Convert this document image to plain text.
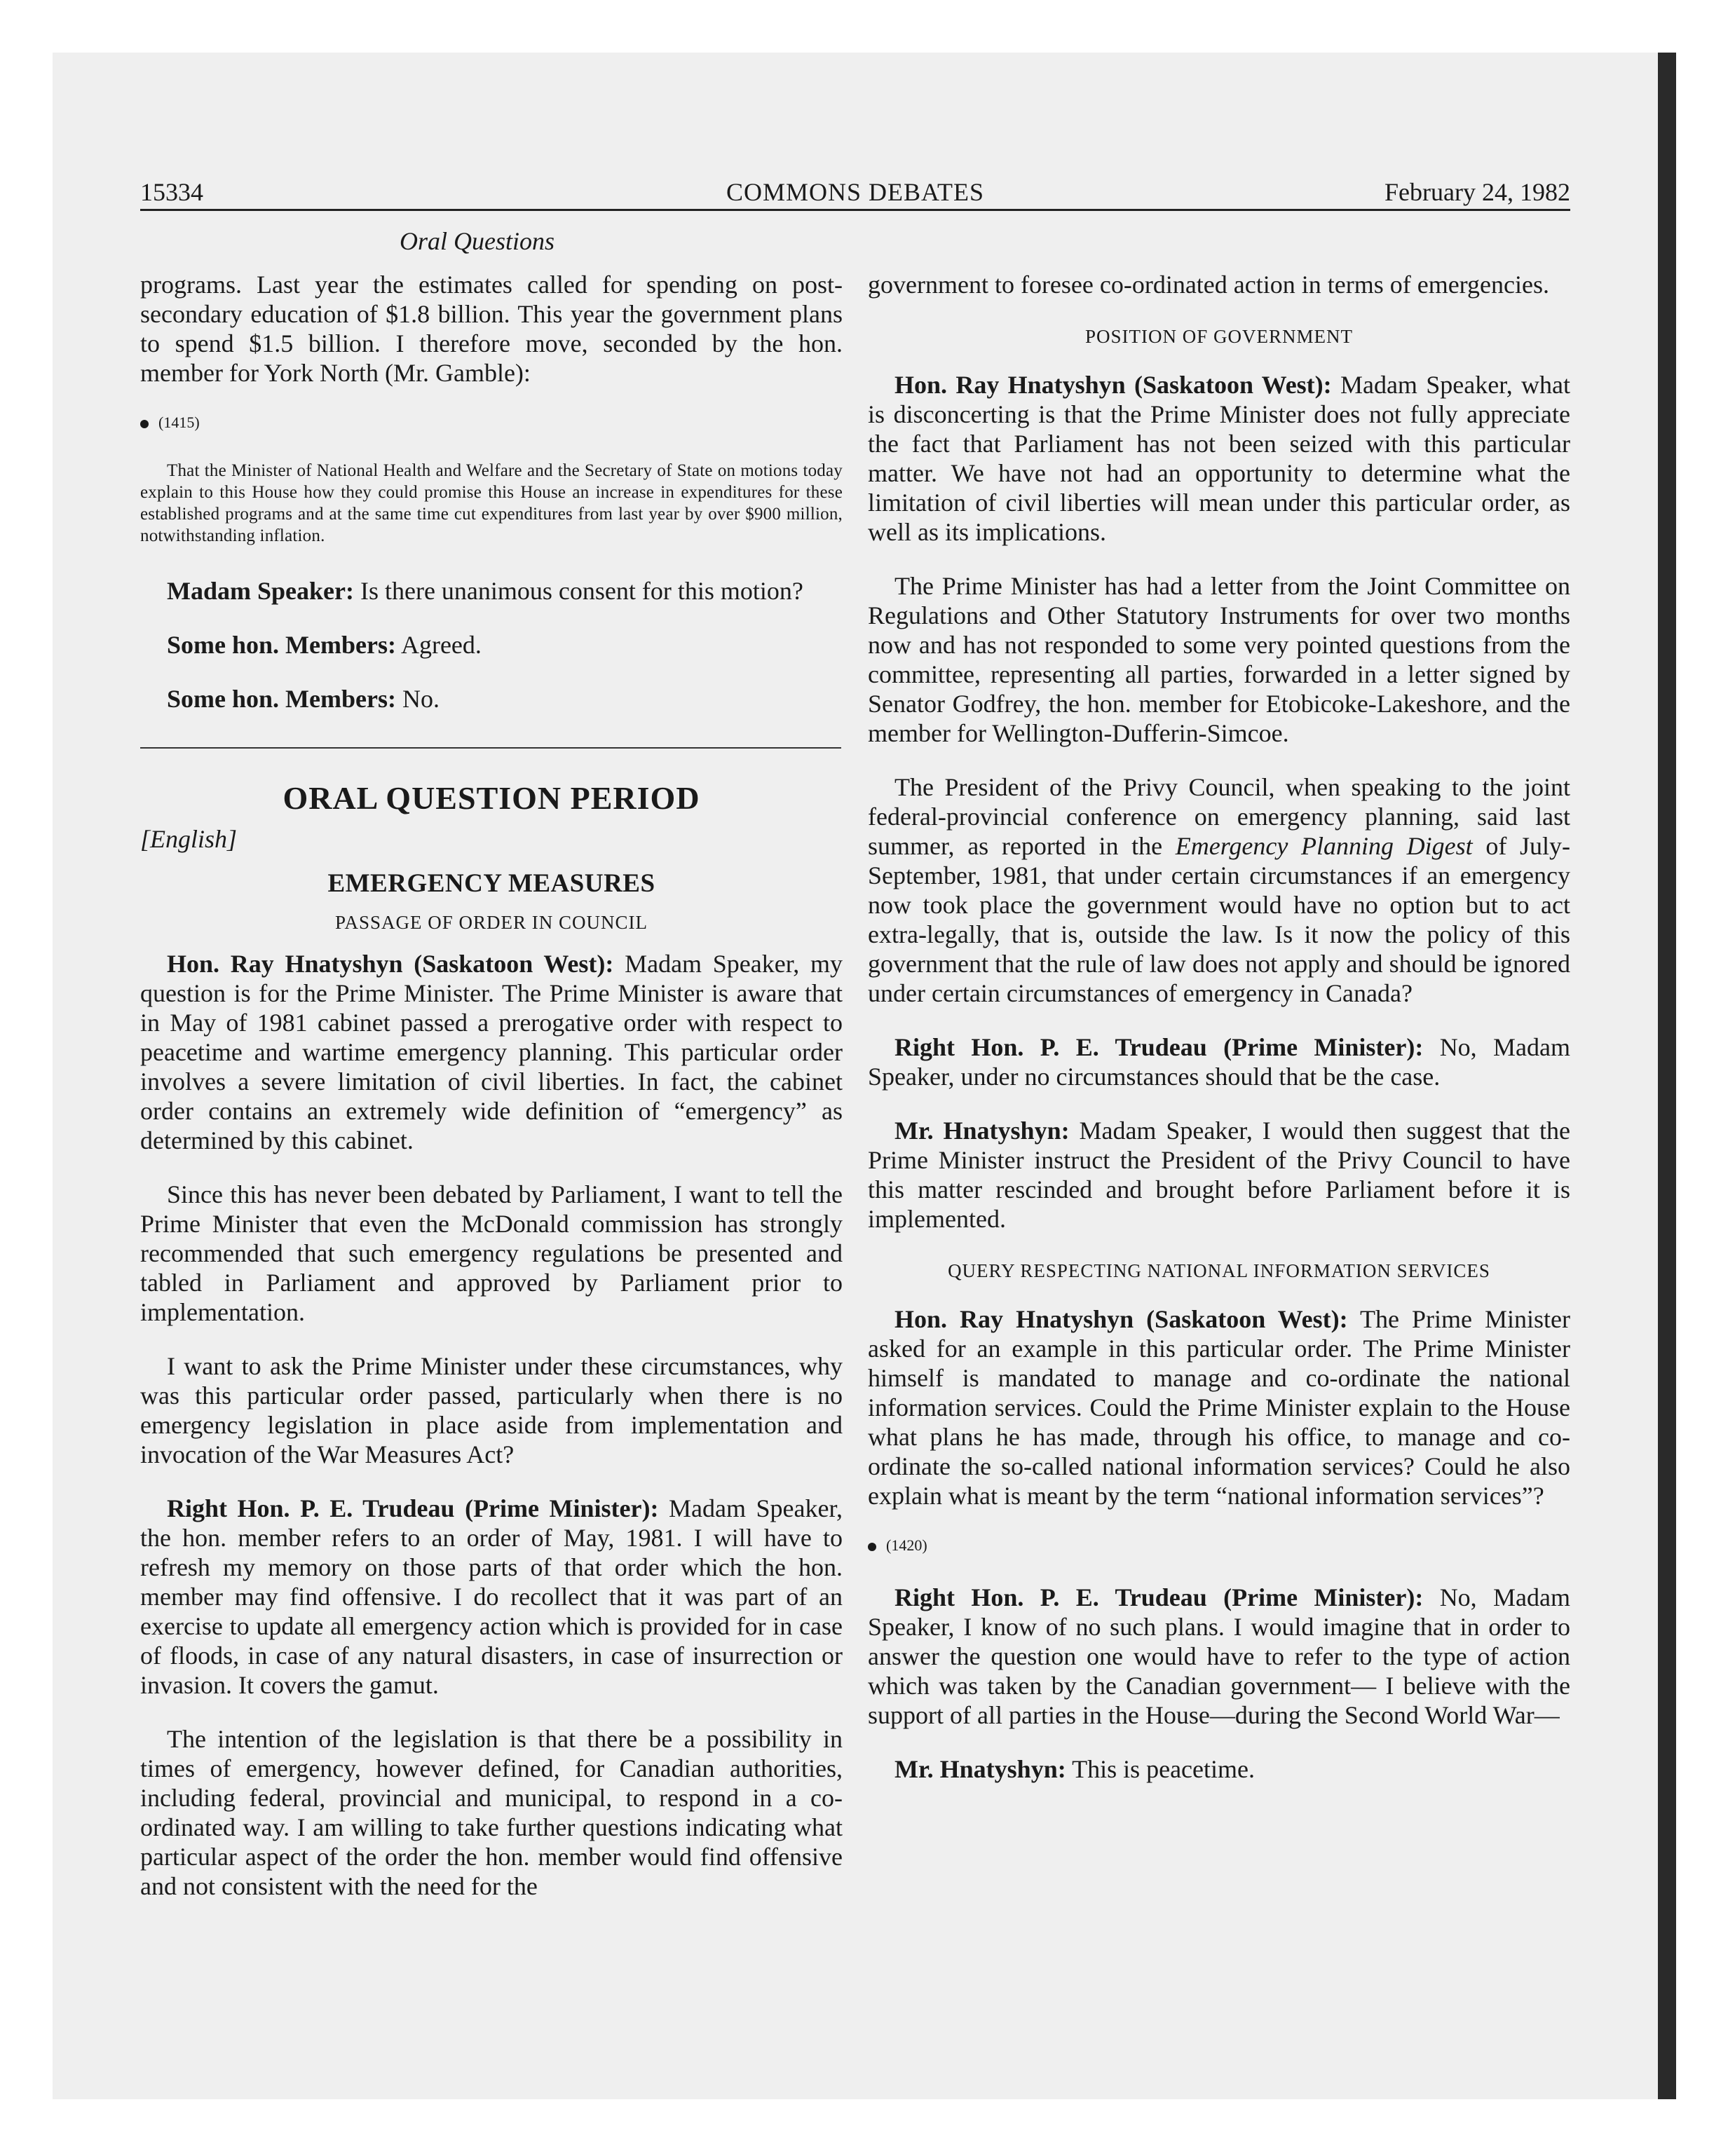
15334	COMMONS DEBATES	February 24, 1982
Oral Questions

programs. Last year the estimates called for spending on post-secondary education of $1.8 billion. This year the government plans to spend $1.5 billion. I therefore move, seconded by the hon. member for York North (Mr. Gamble):

(1415)

That the Minister of National Health and Welfare and the Secretary of State on motions today explain to this House how they could promise this House an increase in expenditures for these established programs and at the same time cut expenditures from last year by over $900 million, notwithstanding inflation.

Madam Speaker: Is there unanimous consent for this motion?

Some hon. Members: Agreed.

Some hon. Members: No.

ORAL QUESTION PERIOD
[English]
EMERGENCY MEASURES
PASSAGE OF ORDER IN COUNCIL

Hon. Ray Hnatyshyn (Saskatoon West): Madam Speaker, my question is for the Prime Minister. The Prime Minister is aware that in May of 1981 cabinet passed a prerogative order with respect to peacetime and wartime emergency planning. This particular order involves a severe limitation of civil liberties. In fact, the cabinet order contains an extremely wide definition of “emergency” as determined by this cabinet.

Since this has never been debated by Parliament, I want to tell the Prime Minister that even the McDonald commission has strongly recommended that such emergency regulations be presented and tabled in Parliament and approved by Parliament prior to implementation.

I want to ask the Prime Minister under these circumstances, why was this particular order passed, particularly when there is no emergency legislation in place aside from implementation and invocation of the War Measures Act?

Right Hon. P. E. Trudeau (Prime Minister): Madam Speaker, the hon. member refers to an order of May, 1981. I will have to refresh my memory on those parts of that order which the hon. member may find offensive. I do recollect that it was part of an exercise to update all emergency action which is provided for in case of floods, in case of any natural disasters, in case of insurrection or invasion. It covers the gamut.

The intention of the legislation is that there be a possibility in times of emergency, however defined, for Canadian authorities, including federal, provincial and municipal, to respond in a co-ordinated way. I am willing to take further questions indicating what particular aspect of the order the hon. member would find offensive and not consistent with the need for the

government to foresee co-ordinated action in terms of emergencies.

POSITION OF GOVERNMENT

Hon. Ray Hnatyshyn (Saskatoon West): Madam Speaker, what is disconcerting is that the Prime Minister does not fully appreciate the fact that Parliament has not been seized with this particular matter. We have not had an opportunity to determine what the limitation of civil liberties will mean under this particular order, as well as its implications.

The Prime Minister has had a letter from the Joint Committee on Regulations and Other Statutory Instruments for over two months now and has not responded to some very pointed questions from the committee, representing all parties, forwarded in a letter signed by Senator Godfrey, the hon. member for Etobicoke-Lakeshore, and the member for Wellington-Dufferin-Simcoe.

The President of the Privy Council, when speaking to the joint federal-provincial conference on emergency planning, said last summer, as reported in the Emergency Planning Digest of July-September, 1981, that under certain circumstances if an emergency now took place the government would have no option but to act extra-legally, that is, outside the law. Is it now the policy of this government that the rule of law does not apply and should be ignored under certain circumstances of emergency in Canada?

Right Hon. P. E. Trudeau (Prime Minister): No, Madam Speaker, under no circumstances should that be the case.

Mr. Hnatyshyn: Madam Speaker, I would then suggest that the Prime Minister instruct the President of the Privy Council to have this matter rescinded and brought before Parliament before it is implemented.

QUERY RESPECTING NATIONAL INFORMATION SERVICES

Hon. Ray Hnatyshyn (Saskatoon West): The Prime Minister asked for an example in this particular order. The Prime Minister himself is mandated to manage and co-ordinate the national information services. Could the Prime Minister explain to the House what plans he has made, through his office, to manage and co-ordinate the so-called national information services? Could he also explain what is meant by the term “national information services”?

(1420)

Right Hon. P. E. Trudeau (Prime Minister): No, Madam Speaker, I know of no such plans. I would imagine that in order to answer the question one would have to refer to the type of action which was taken by the Canadian government— I believe with the support of all parties in the House—during the Second World War—

Mr. Hnatyshyn: This is peacetime.
